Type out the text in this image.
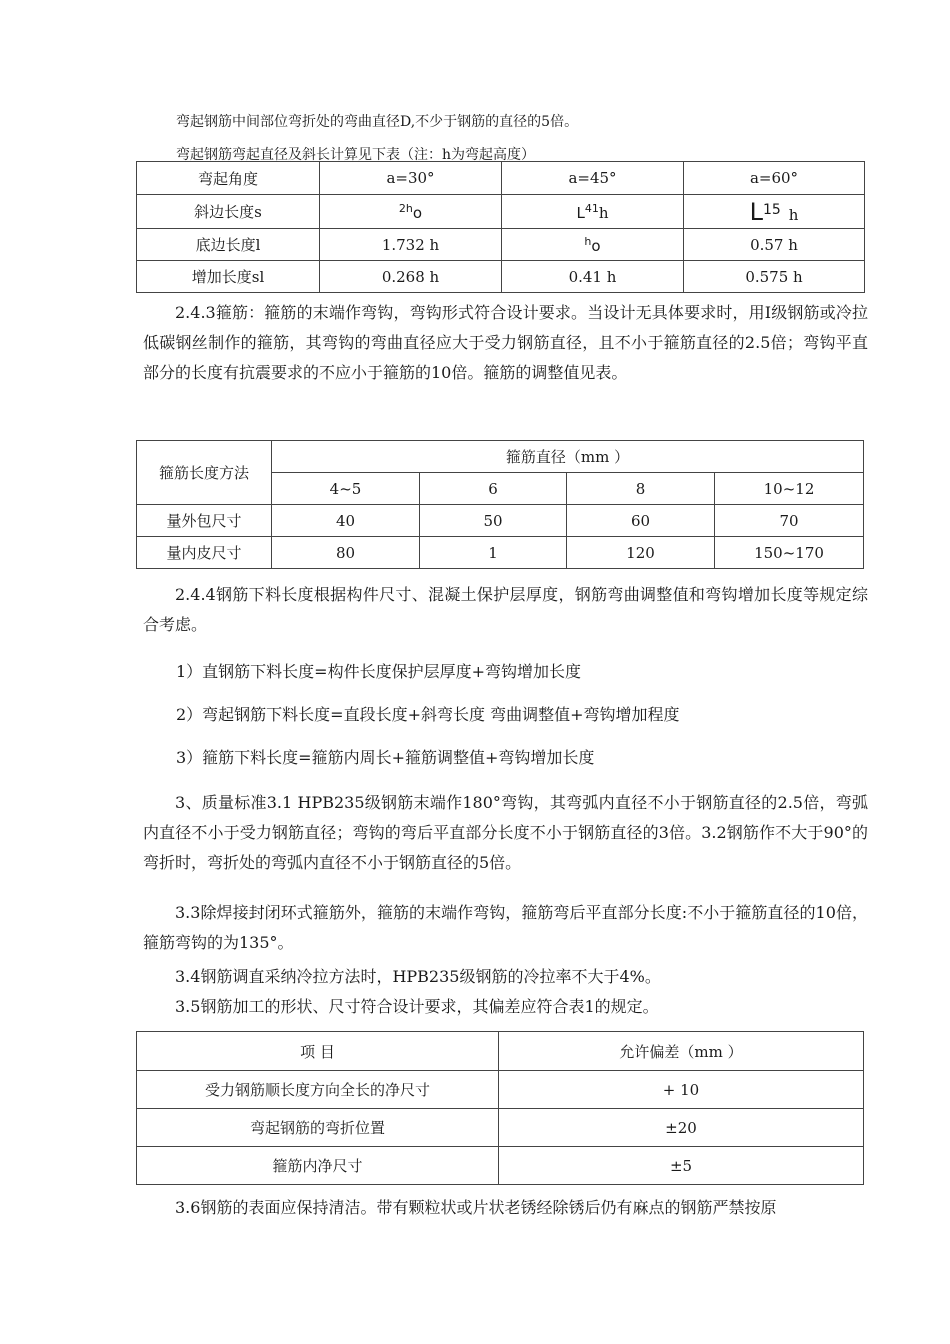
弯起钢筋中间部位弯折处的弯曲直径D,不少于钢筋的直径的5倍。
弯起钢筋弯起直径及斜长计算见下表（注：h为弯起高度）
弯起角度	a=30°	a=45°	a=60°
斜边长度s	$^{2h}$o	$L^{41}h$	L15 h
底边长度l	1.732 h	$^h$o	0.57 h
增加长度sl	0.268 h	0.41 h	0.575 h
2.4.3箍筋：箍筋的末端作弯钩，弯钩形式符合设计要求。当设计无具体要求时，用I级钢筋或冷拉低碳钢丝制作的箍筋，其弯钩的弯曲直径应大于受力钢筋直径，且不小于箍筋直径的2.5倍；弯钩平直部分的长度有抗震要求的不应小于箍筋的10倍。箍筋的调整值见表。
箍筋长度方法	箍筋直径（mm ）			
	4~5	6	8	10~12
量外包尺寸	40	50	60	70
量内皮尺寸	80	1	120	150~170
2.4.4钢筋下料长度根据构件尺寸、混凝土保护层厚度，钢筋弯曲调整值和弯钩增加长度等规定综合考虑。
1）直钢筋下料长度=构件长度保护层厚度+弯钩增加长度
2）弯起钢筋下料长度=直段长度+斜弯长度 弯曲调整值+弯钩增加程度
3）箍筋下料长度=箍筋内周长+箍筋调整值+弯钩增加长度
3、质量标准3.1 HPB235级钢筋末端作180°弯钩，其弯弧内直径不小于钢筋直径的2.5倍，弯弧内直径不小于受力钢筋直径；弯钩的弯后平直部分长度不小于钢筋直径的3倍。3.2钢筋作不大于90°的弯折时，弯折处的弯弧内直径不小于钢筋直径的5倍。
3.3除焊接封闭环式箍筋外，箍筋的末端作弯钩，箍筋弯后平直部分长度:不小于箍筋直径的10倍，箍筋弯钩的为135°。
3.4钢筋调直采纳冷拉方法时，HPB235级钢筋的冷拉率不大于4%。
3.5钢筋加工的形状、尺寸符合设计要求，其偏差应符合表1的规定。
项 目	允许偏差（mm ）
受力钢筋顺长度方向全长的净尺寸	+ 10
弯起钢筋的弯折位置	±20
箍筋内净尺寸	±5
3.6钢筋的表面应保持清洁。带有颗粒状或片状老锈经除锈后仍有麻点的钢筋严禁按原
